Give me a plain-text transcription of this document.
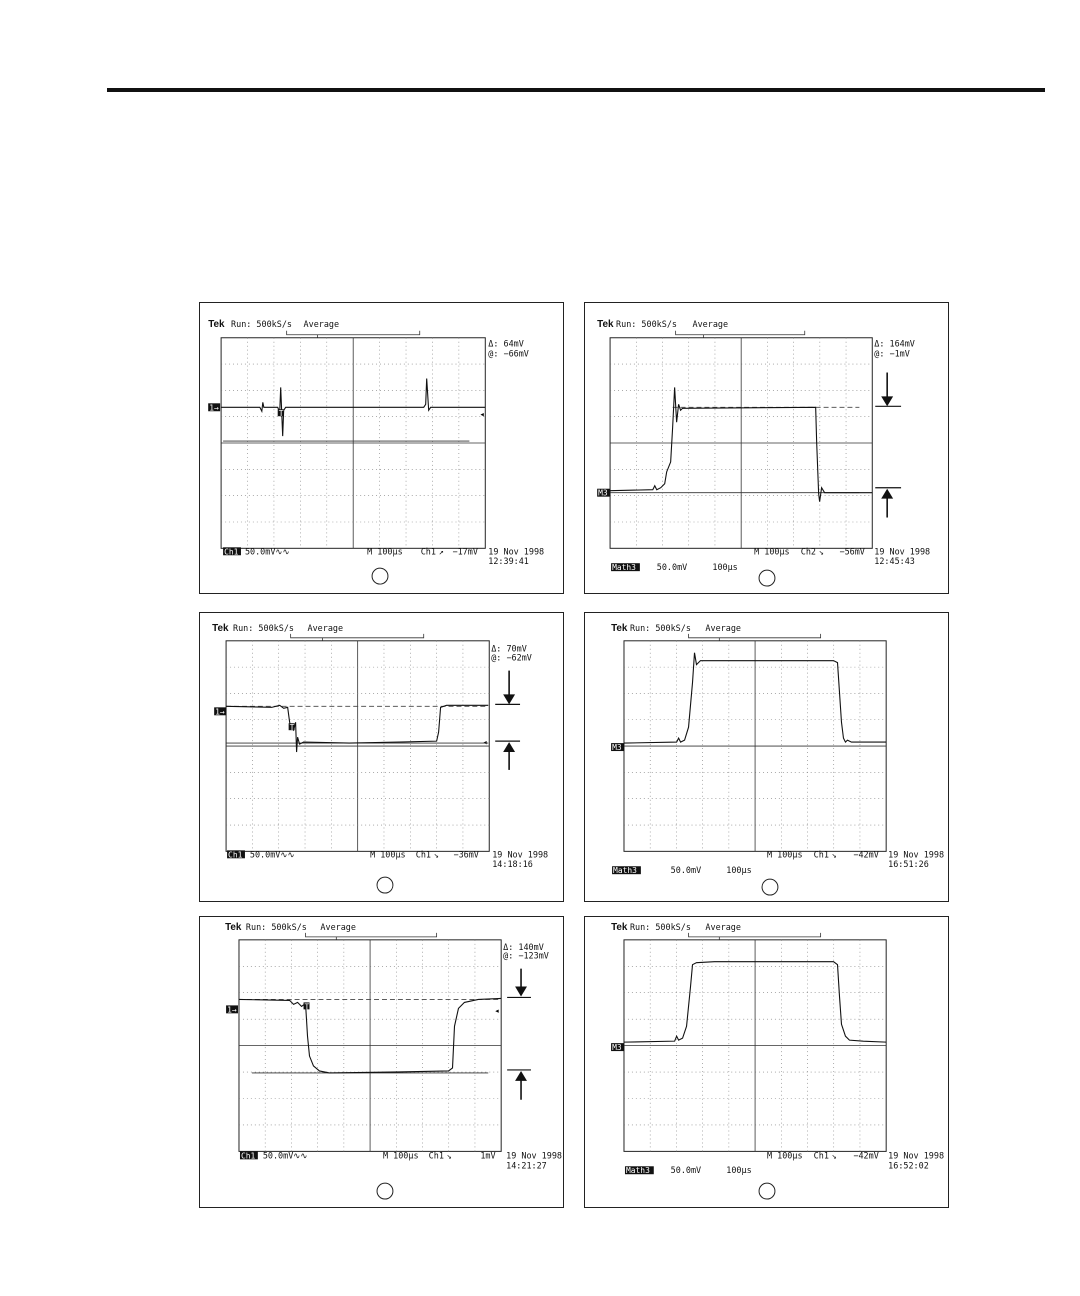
Tek Run: 500kS/s Average
Δ: 64mV
@: −66mV
1→
◂
T
Ch1 50.0mV∿∿	M 100µs Ch1 ↗ −17mV 19 Nov 1998
12:39:41
Tek Run: 500kS/s Average
Δ: 164mV
@: −1mV
M3
M 100µs Ch2 ↘ −56mV 19 Nov 1998
12:45:43
Math3 50.0mV	100µs
Tek Run: 500kS/s Average
Δ: 70mV
@: −62mV
1→
◂
T
Ch1 50.0mV∿∿	M 100µs Ch1 ↘ −36mV 19 Nov 1998
14:18:16
Tek Run: 500kS/s Average
M3
M 100µs Ch1 ↘ −42mV 19 Nov 1998
16:51:26
Math3	50.0mV	100µs
Tek Run: 500kS/s Average
Δ: 140mV
@: −123mV
1→	◂
T
Ch1 50.0mV∿∿	M 100µs Ch1 ↘	1mV 19 Nov 1998
14:21:27
Tek Run: 500kS/s Average
M3
M 100µs Ch1 ↘ −42mV 19 Nov 1998
16:52:02
Math3 50.0mV	100µs
